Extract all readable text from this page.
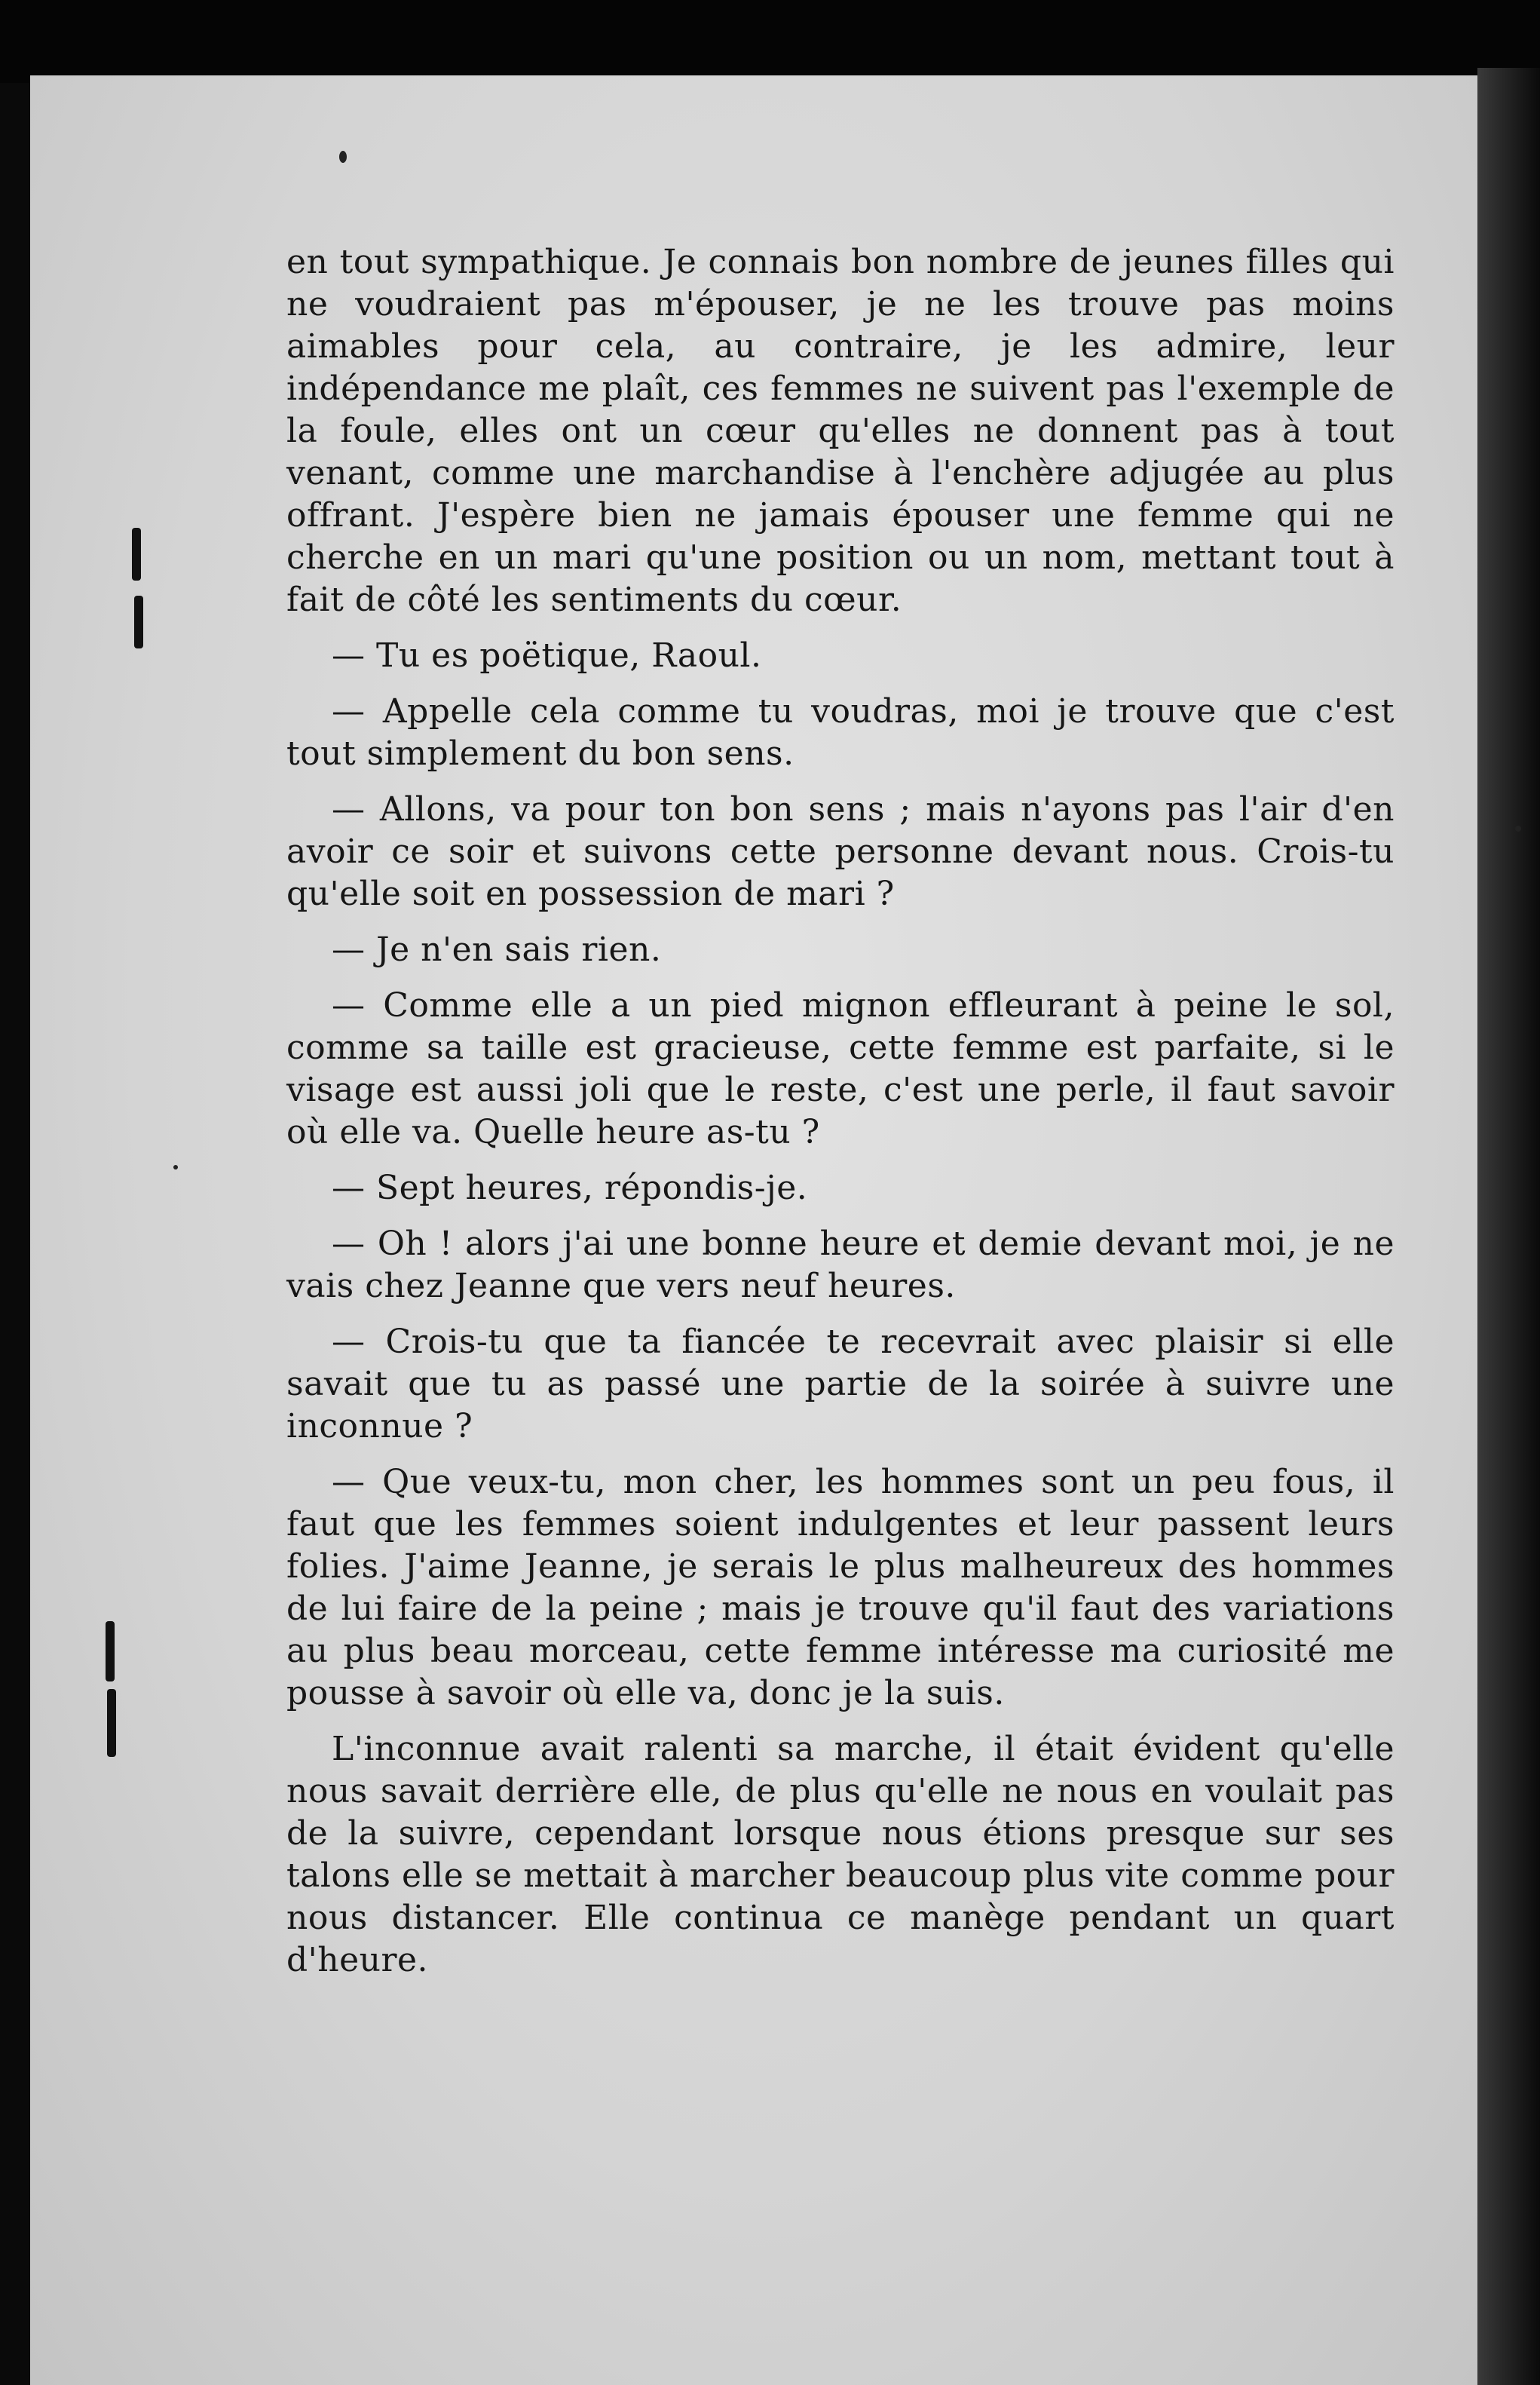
en tout sympathique. Je connais bon nombre de jeunes filles qui ne voudraient pas m'épouser, je ne les trouve pas moins aimables pour cela, au contraire, je les admire, leur indépendance me plaît, ces femmes ne suivent pas l'exemple de la foule, elles ont un cœur qu'elles ne donnent pas à tout venant, comme une marchandise à l'enchère adjugée au plus offrant. J'espère bien ne jamais épouser une femme qui ne cherche en un mari qu'une position ou un nom, mettant tout à fait de côté les sentiments du cœur.

— Tu es poëtique, Raoul.

— Appelle cela comme tu voudras, moi je trouve que c'est tout simplement du bon sens.

— Allons, va pour ton bon sens ; mais n'ayons pas l'air d'en avoir ce soir et suivons cette personne devant nous. Crois-tu qu'elle soit en possession de mari ?

— Je n'en sais rien.

— Comme elle a un pied mignon effleurant à peine le sol, comme sa taille est gracieuse, cette femme est parfaite, si le visage est aussi joli que le reste, c'est une perle, il faut savoir où elle va. Quelle heure as-tu ?

— Sept heures, répondis-je.

— Oh ! alors j'ai une bonne heure et demie devant moi, je ne vais chez Jeanne que vers neuf heures.

— Crois-tu que ta fiancée te recevrait avec plaisir si elle savait que tu as passé une partie de la soirée à suivre une inconnue ?

— Que veux-tu, mon cher, les hommes sont un peu fous, il faut que les femmes soient indulgentes et leur passent leurs folies. J'aime Jeanne, je serais le plus malheureux des hommes de lui faire de la peine ; mais je trouve qu'il faut des variations au plus beau morceau, cette femme intéresse ma curiosité me pousse à savoir où elle va, donc je la suis.

L'inconnue avait ralenti sa marche, il était évident qu'elle nous savait derrière elle, de plus qu'elle ne nous en voulait pas de la suivre, cependant lorsque nous étions presque sur ses talons elle se mettait à marcher beaucoup plus vite comme pour nous distancer. Elle continua ce manège pendant un quart d'heure.
